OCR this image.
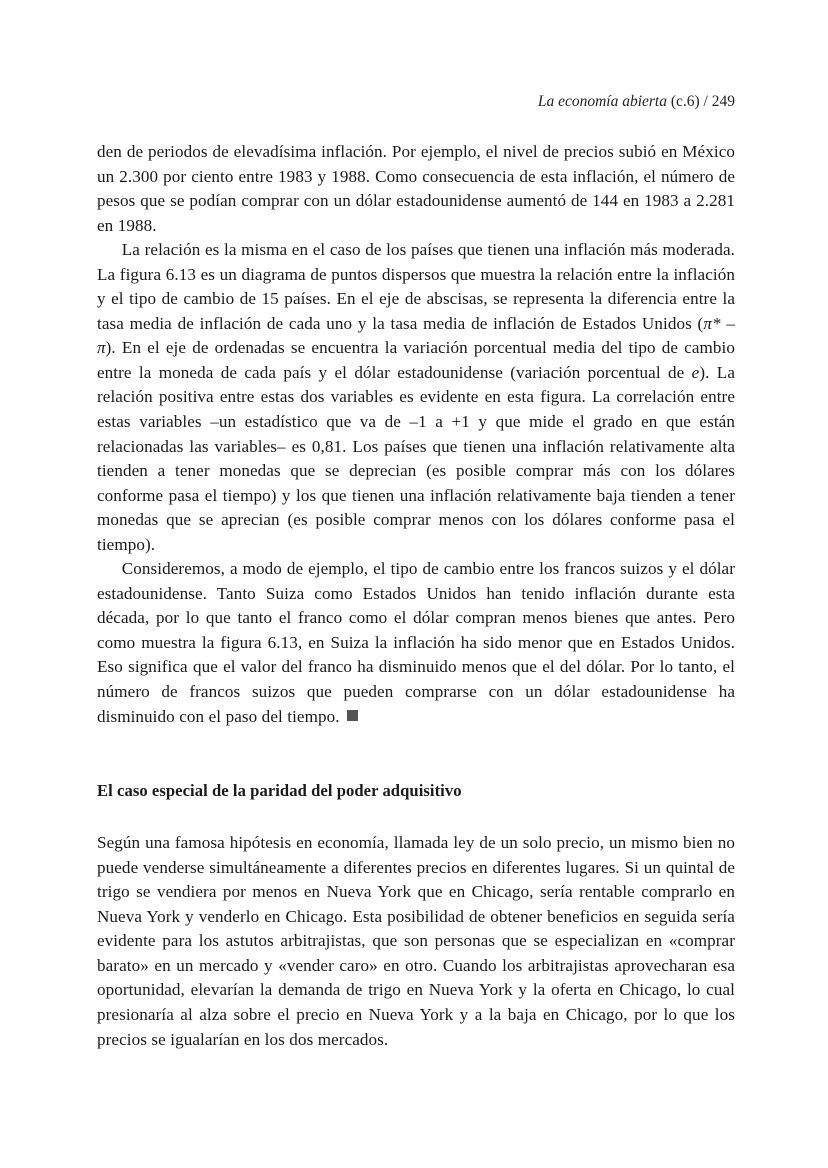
La economía abierta (c.6) / 249

den de periodos de elevadísima inflación. Por ejemplo, el nivel de precios subió en México un 2.300 por ciento entre 1983 y 1988. Como consecuencia de esta inflación, el número de pesos que se podían comprar con un dólar estadounidense aumentó de 144 en 1983 a 2.281 en 1988.

La relación es la misma en el caso de los países que tienen una inflación más moderada. La figura 6.13 es un diagrama de puntos dispersos que muestra la relación entre la inflación y el tipo de cambio de 15 países. En el eje de abscisas, se representa la diferencia entre la tasa media de inflación de cada uno y la tasa media de inflación de Estados Unidos (π* – π). En el eje de ordenadas se encuentra la variación porcentual media del tipo de cambio entre la moneda de cada país y el dólar estadounidense (variación porcentual de e). La relación positiva entre estas dos variables es evidente en esta figura. La correlación entre estas variables –un estadístico que va de –1 a +1 y que mide el grado en que están relacionadas las variables– es 0,81. Los países que tienen una inflación relativamente alta tienden a tener monedas que se deprecian (es posible comprar más con los dólares conforme pasa el tiempo) y los que tienen una inflación relativamente baja tienden a tener monedas que se aprecian (es posible comprar menos con los dólares conforme pasa el tiempo).

Consideremos, a modo de ejemplo, el tipo de cambio entre los francos suizos y el dólar estadounidense. Tanto Suiza como Estados Unidos han tenido inflación durante esta década, por lo que tanto el franco como el dólar compran menos bienes que antes. Pero como muestra la figura 6.13, en Suiza la inflación ha sido menor que en Estados Unidos. Eso significa que el valor del franco ha disminuido menos que el del dólar. Por lo tanto, el número de francos suizos que pueden comprarse con un dólar estadounidense ha disminuido con el paso del tiempo.

El caso especial de la paridad del poder adquisitivo

Según una famosa hipótesis en economía, llamada ley de un solo precio, un mismo bien no puede venderse simultáneamente a diferentes precios en diferentes lugares. Si un quintal de trigo se vendiera por menos en Nueva York que en Chicago, sería rentable comprarlo en Nueva York y venderlo en Chicago. Esta posibilidad de obtener beneficios en seguida sería evidente para los astutos arbitrajistas, que son personas que se especializan en «comprar barato» en un mercado y «vender caro» en otro. Cuando los arbitrajistas aprovecharan esa oportunidad, elevarían la demanda de trigo en Nueva York y la oferta en Chicago, lo cual presionaría al alza sobre el precio en Nueva York y a la baja en Chicago, por lo que los precios se igualarían en los dos mercados.
